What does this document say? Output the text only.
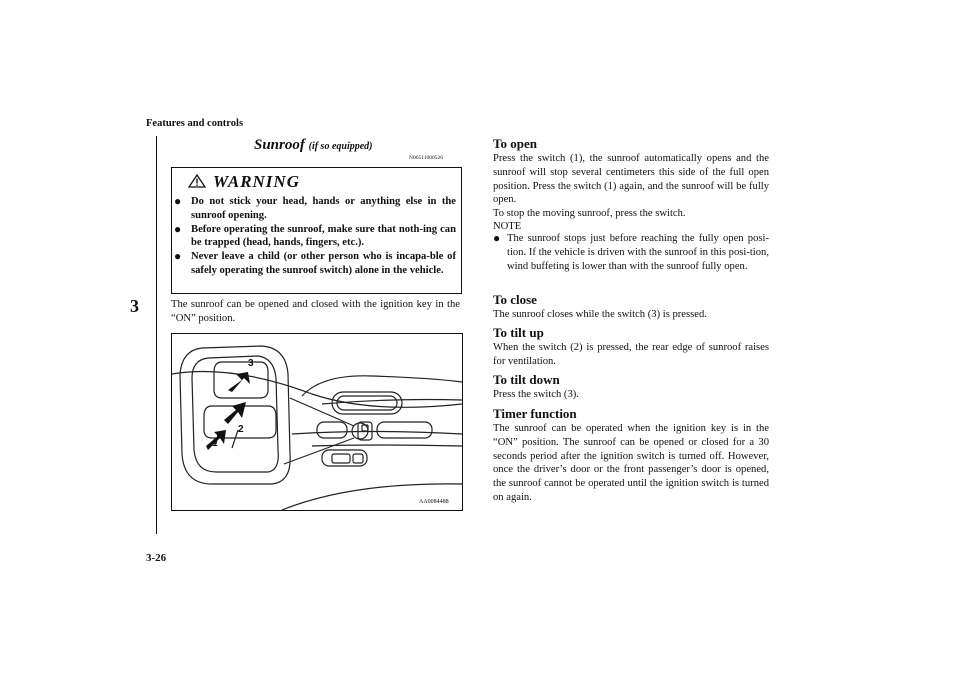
Features and controls
3
3-26
Sunroof (if so equipped)
N00511000526
WARNING
● Do not stick your head, hands or anything else in the sunroof opening.
● Before operating the sunroof, make sure that noth-ing can be trapped (head, hands, fingers, etc.).
● Never leave a child (or other person who is incapa-ble of safely operating the sunroof switch) alone in the vehicle.
The sunroof can be opened and closed with the ignition key in the “ON” position.
3
2
1
AA0084488
To open
Press the switch (1), the sunroof automatically opens and the sunroof will stop several centimeters this side of the full open position. Press the switch (1) again, and the sunroof will be fully open.
To stop the moving sunroof, press the switch.
NOTE
● The sunroof stops just before reaching the fully open posi-tion. If the vehicle is driven with the sunroof in this posi-tion, wind buffeting is lower than with the sunroof fully open.
To close
The sunroof closes while the switch (3) is pressed.
To tilt up
When the switch (2) is pressed, the rear edge of sunroof raises for ventilation.
To tilt down
Press the switch (3).
Timer function
The sunroof can be operated when the ignition key is in the “ON” position. The sunroof can be opened or closed for a 30 seconds period after the ignition switch is turned off. However, once the driver’s door or the front passenger’s door is opened, the sunroof cannot be operated until the ignition switch is turned on again.
